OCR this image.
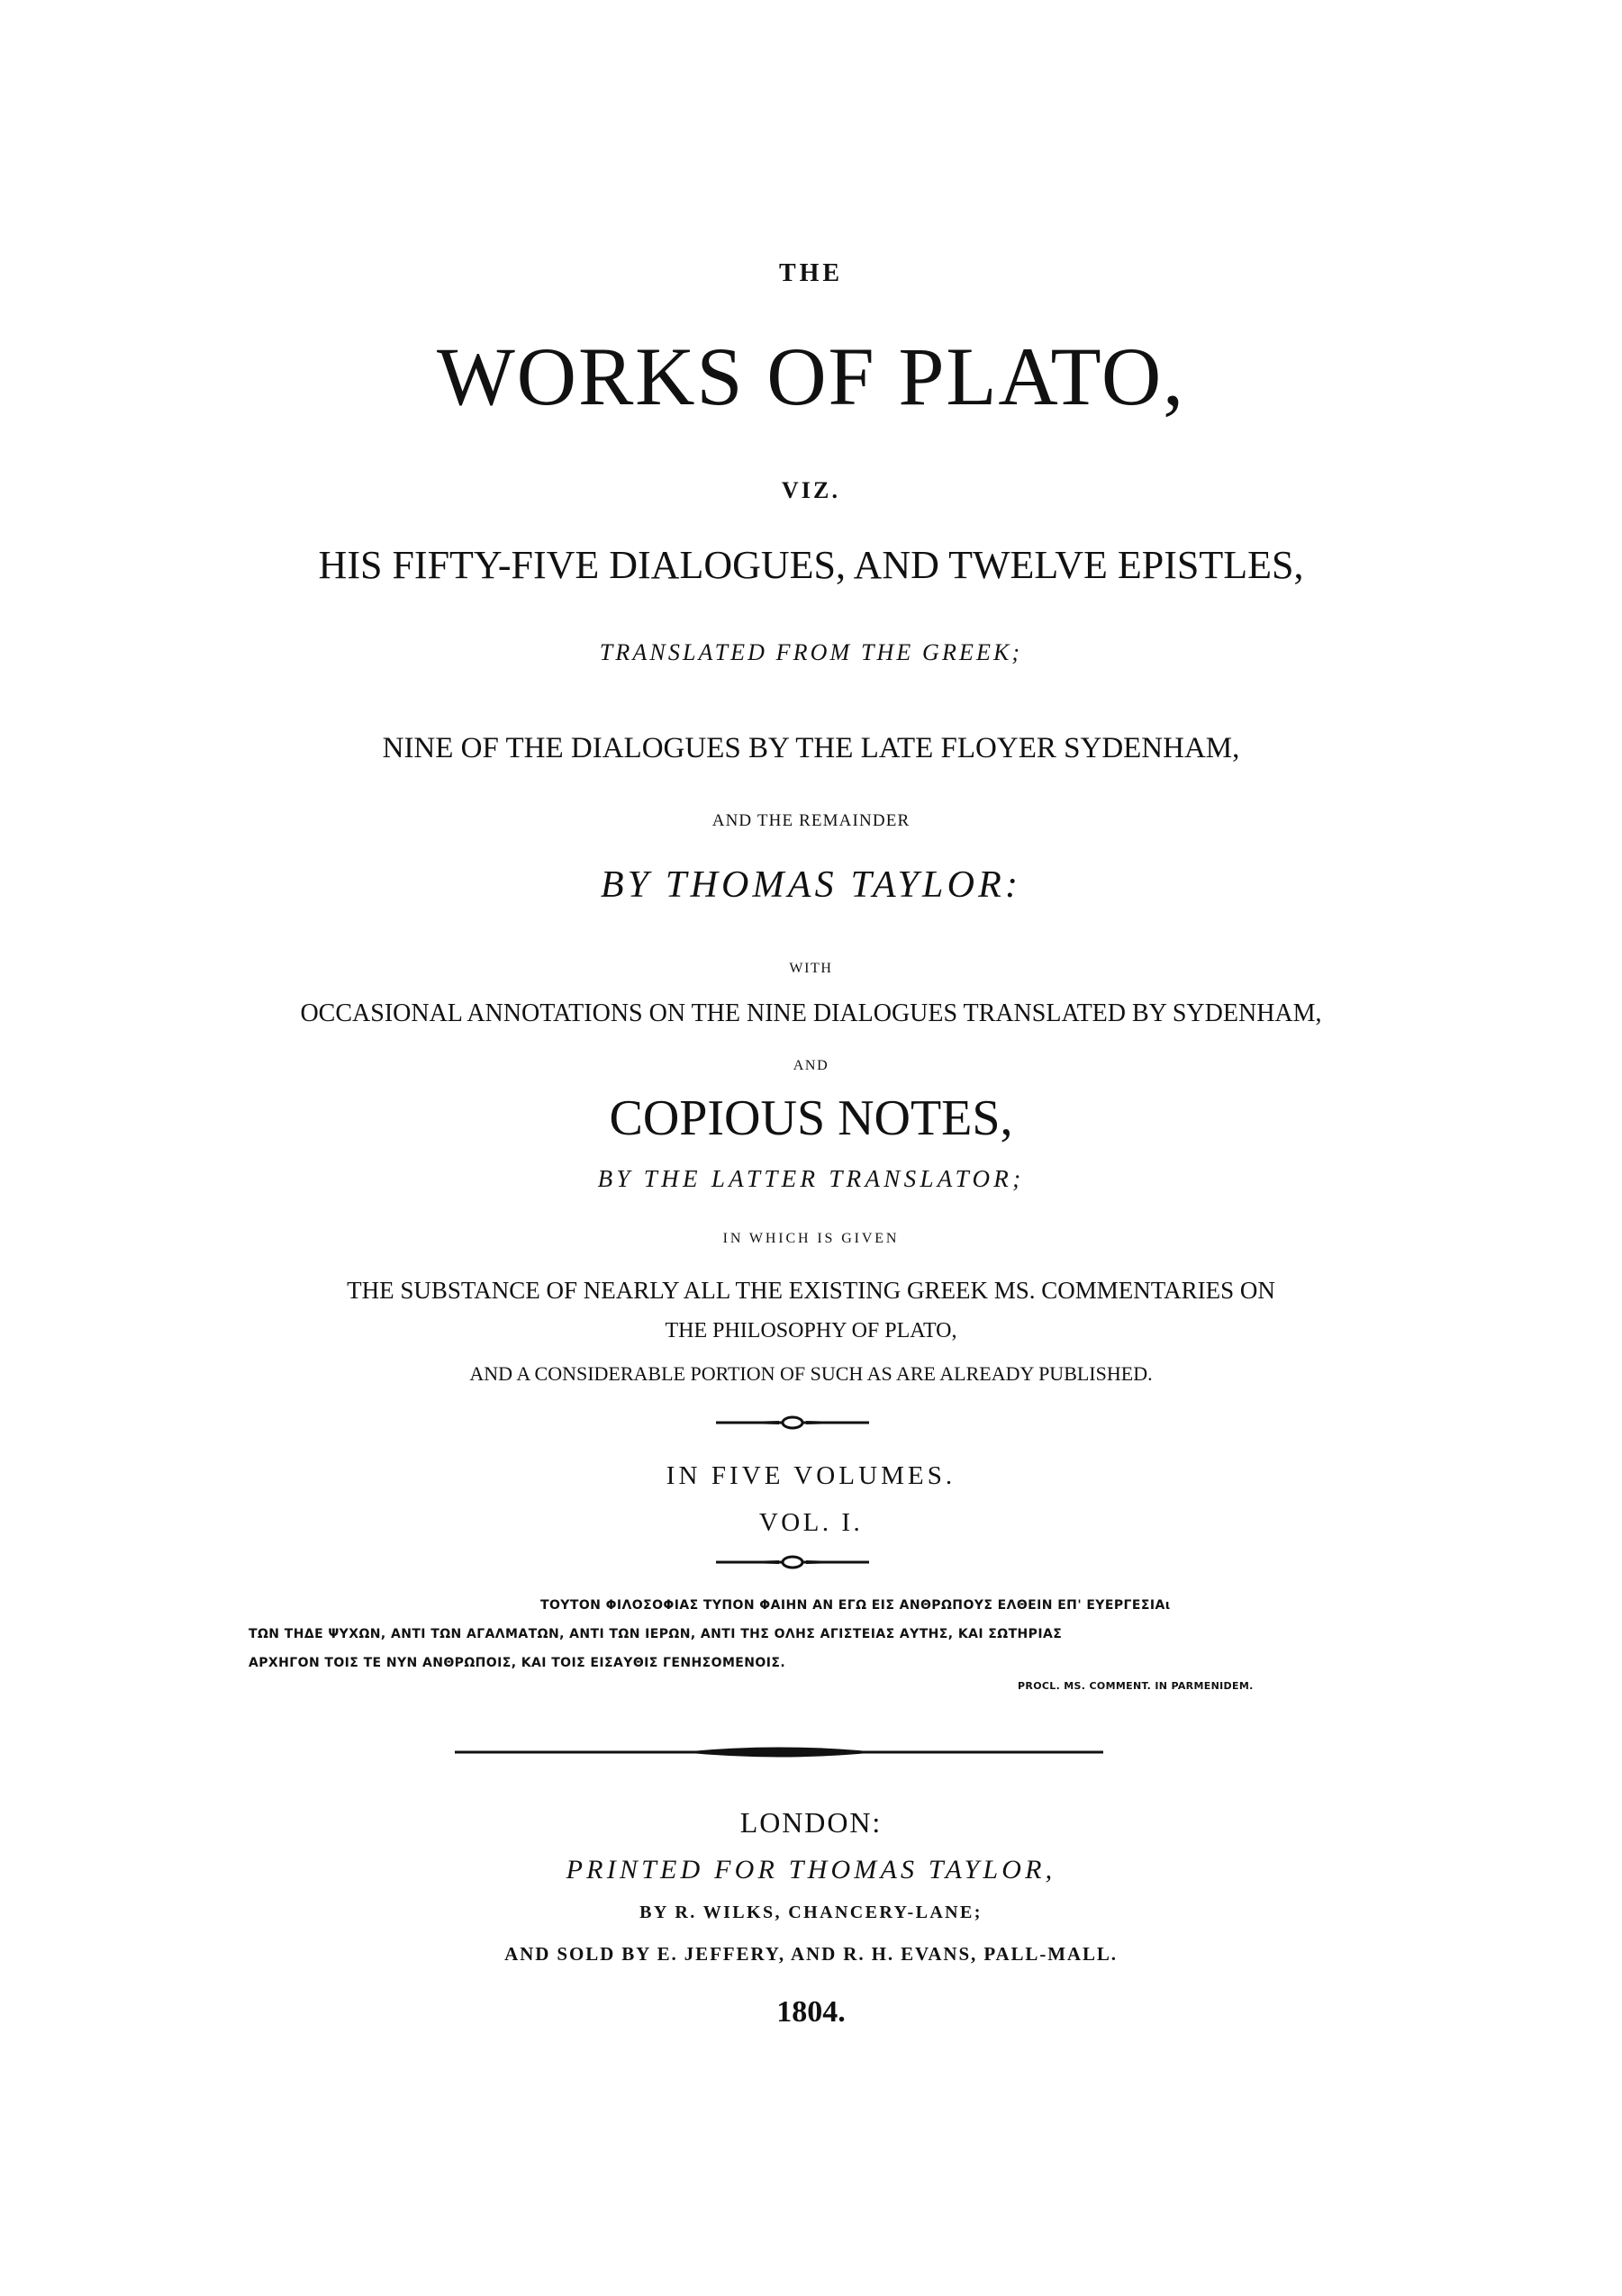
THE
WORKS OF PLATO,
VIZ.
HIS FIFTY-FIVE DIALOGUES, AND TWELVE EPISTLES,
TRANSLATED FROM THE GREEK;
NINE OF THE DIALOGUES BY THE LATE FLOYER SYDENHAM,
AND THE REMAINDER
BY THOMAS TAYLOR:
WITH
OCCASIONAL ANNOTATIONS ON THE NINE DIALOGUES TRANSLATED BY SYDENHAM,
AND
COPIOUS NOTES,
BY THE LATTER TRANSLATOR;
IN WHICH IS GIVEN
THE SUBSTANCE OF NEARLY ALL THE EXISTING GREEK MS. COMMENTARIES ON
THE PHILOSOPHY OF PLATO,
AND A CONSIDERABLE PORTION OF SUCH AS ARE ALREADY PUBLISHED.
IN FIVE VOLUMES.
VOL. I.
ΤΟΥΤΟΝ ΦΙΛΟΣΟΦΙΑΣ ΤΥΠΟΝ ΦΑΙΗΝ ΑΝ ΕΓΩ ΕΙΣ ΑΝΘΡΩΠΟΥΣ ΕΛΘΕΙΝ ΕΠ' ΕΥΕΡΓΕΣΙΑι
ΤΩΝ ΤΗΔΕ ΨΥΧΩΝ, ΑΝΤΙ ΤΩΝ ΑΓΑΛΜΑΤΩΝ, ΑΝΤΙ ΤΩΝ ΙΕΡΩΝ, ΑΝΤΙ ΤΗΣ ΟΛΗΣ ΑΓΙΣΤΕΙΑΣ ΑΥΤΗΣ, ΚΑΙ ΣΩΤΗΡΙΑΣ
ΑΡΧΗΓΟΝ ΤΟΙΣ ΤΕ ΝΥΝ ΑΝΘΡΩΠΟΙΣ, ΚΑΙ ΤΟΙΣ ΕΙΣΑΥΘΙΣ ΓΕΝΗΣΟΜΕΝΟΙΣ.
PROCL. MS. COMMENT. IN PARMENIDEM.
LONDON:
PRINTED FOR THOMAS TAYLOR,
BY R. WILKS, CHANCERY-LANE;
AND SOLD BY E. JEFFERY, AND R. H. EVANS, PALL-MALL.
1804.
